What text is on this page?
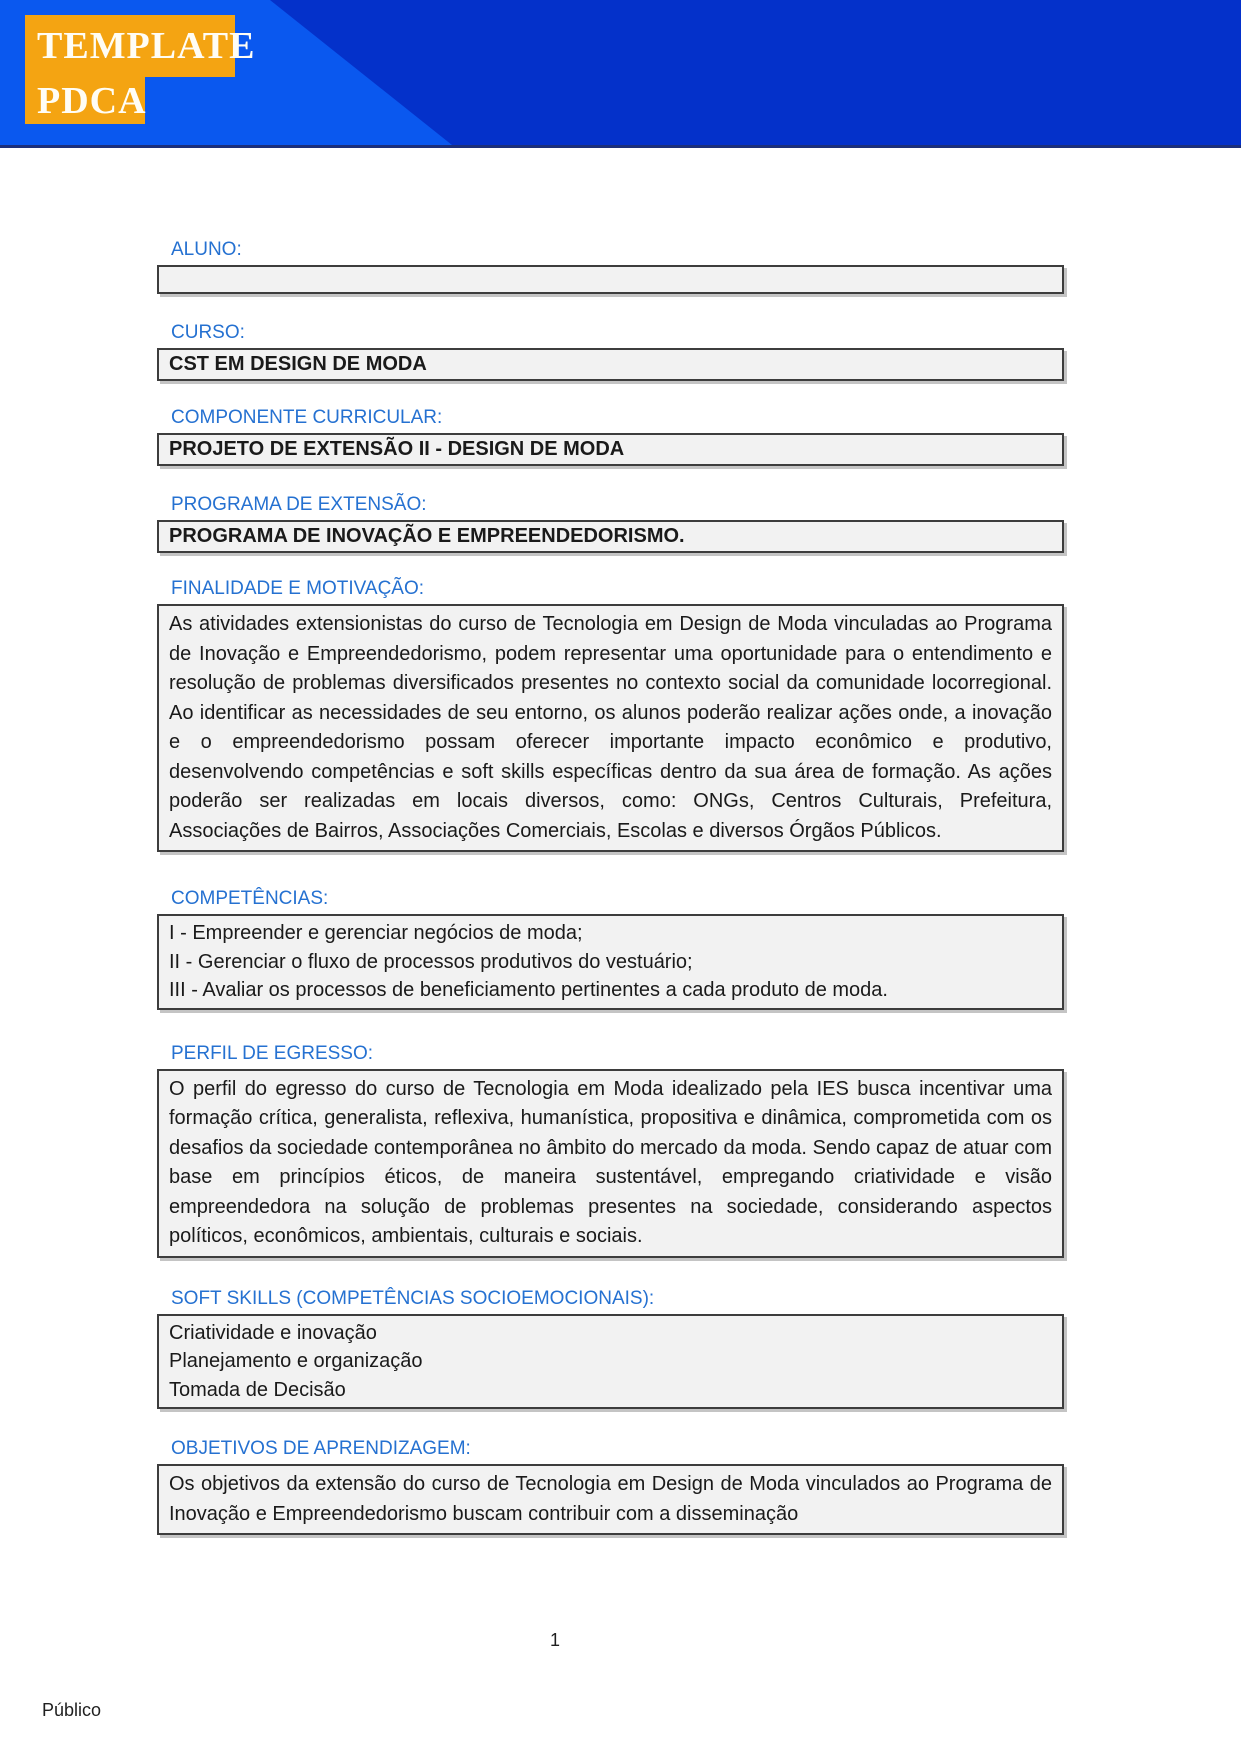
TEMPLATE
PDCA
ALUNO:
CURSO:
CST EM DESIGN DE MODA
COMPONENTE CURRICULAR:
PROJETO DE EXTENSÃO II - DESIGN DE MODA
PROGRAMA DE EXTENSÃO:
PROGRAMA DE INOVAÇÃO E EMPREENDEDORISMO.
FINALIDADE E MOTIVAÇÃO:
As atividades extensionistas do curso de Tecnologia em Design de Moda vinculadas ao Programa de Inovação e Empreendedorismo, podem representar uma oportunidade para o entendimento e resolução de problemas diversificados presentes no contexto social da comunidade locorregional. Ao identificar as necessidades de seu entorno, os alunos poderão realizar ações onde, a inovação e o empreendedorismo possam oferecer importante impacto econômico e produtivo, desenvolvendo competências e soft skills específicas dentro da sua área de formação. As ações poderão ser realizadas em locais diversos, como: ONGs, Centros Culturais, Prefeitura, Associações de Bairros, Associações Comerciais, Escolas e diversos Órgãos Públicos.
COMPETÊNCIAS:
I - Empreender e gerenciar negócios de moda;
II - Gerenciar o fluxo de processos produtivos do vestuário;
III - Avaliar os processos de beneficiamento pertinentes a cada produto de moda.
PERFIL DE EGRESSO:
O perfil do egresso do curso de Tecnologia em Moda idealizado pela IES busca incentivar uma formação crítica, generalista, reflexiva, humanística, propositiva e dinâmica, comprometida com os desafios da sociedade contemporânea no âmbito do mercado da moda. Sendo capaz de atuar com base em princípios éticos, de maneira sustentável, empregando criatividade e visão empreendedora na solução de problemas presentes na sociedade, considerando aspectos políticos, econômicos, ambientais, culturais e sociais.
SOFT SKILLS (COMPETÊNCIAS SOCIOEMOCIONAIS):
Criatividade e inovação
Planejamento e organização
Tomada de Decisão
OBJETIVOS DE APRENDIZAGEM:
Os objetivos da extensão do curso de Tecnologia em Design de Moda vinculados ao Programa de Inovação e Empreendedorismo buscam contribuir com a disseminação
1
Público
